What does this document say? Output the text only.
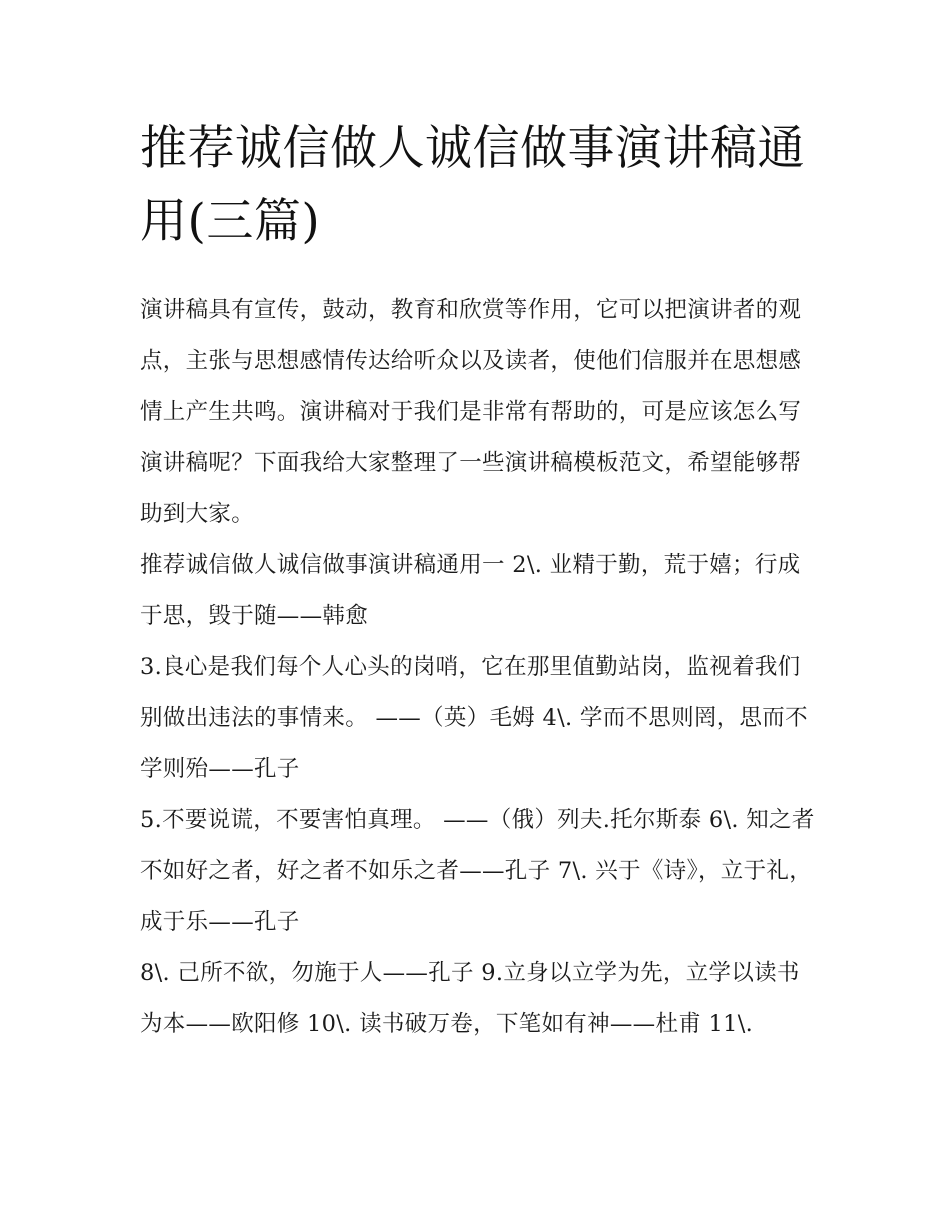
推荐诚信做人诚信做事演讲稿通用(三篇)

演讲稿具有宣传，鼓动，教育和欣赏等作用，它可以把演讲者的观点，主张与思想感情传达给听众以及读者，使他们信服并在思想感情上产生共鸣。演讲稿对于我们是非常有帮助的，可是应该怎么写演讲稿呢？下面我给大家整理了一些演讲稿模板范文，希望能够帮助到大家。

推荐诚信做人诚信做事演讲稿通用一 2\. 业精于勤，荒于嬉；行成于思，毁于随——韩愈

3.良心是我们每个人心头的岗哨，它在那里值勤站岗，监视着我们别做出违法的事情来。 ——（英）毛姆 4\. 学而不思则罔，思而不学则殆——孔子

5.不要说谎，不要害怕真理。 ——（俄）列夫.托尔斯泰 6\. 知之者不如好之者，好之者不如乐之者——孔子 7\. 兴于《诗》，立于礼，成于乐——孔子

8\. 己所不欲，勿施于人——孔子 9.立身以立学为先，立学以读书为本——欧阳修 10\. 读书破万卷，下笔如有神——杜甫 11\.
